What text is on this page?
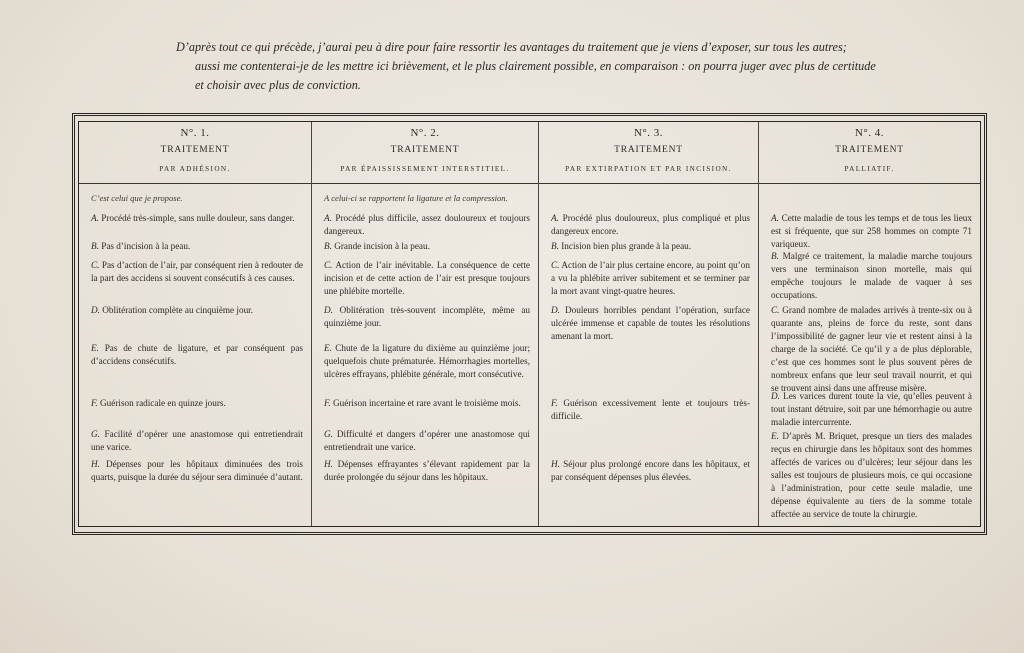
D’après tout ce qui précède, j’aurai peu à dire pour faire ressortir les avantages du traitement que je viens d’exposer, sur tous les autres;

aussi me contenterai-je de les mettre ici brièvement, et le plus clairement possible, en comparaison : on pourra juger avec plus de certitude

et choisir avec plus de conviction.

N°. 1.
TRAITEMENT
PAR ADHÉSION.
C’est celui que je propose.
A. Procédé très-simple, sans nulle douleur, sans danger.
B. Pas d’incision à la peau.
C. Pas d’action de l’air, par conséquent rien à redouter de la part des accidens si souvent consécutifs à ces causes.
D. Oblitération complète au cinquième jour.
E. Pas de chute de ligature, et par conséquent pas d’accidens consécutifs.
F. Guérison radicale en quinze jours.
G. Facilité d’opérer une anastomose qui entretiendrait une varice.
H. Dépenses pour les hôpitaux diminuées des trois quarts, puisque la durée du séjour sera diminuée d’autant.
N°. 2.
TRAITEMENT
PAR ÉPAISSISSEMENT INTERSTITIEL.
A celui-ci se rapportent la ligature et la compression.
A. Procédé plus difficile, assez douloureux et toujours dangereux.
B. Grande incision à la peau.
C. Action de l’air inévitable. La conséquence de cette incision et de cette action de l’air est presque toujours une phlébite mortelle.
D. Oblitération très-souvent incomplète, même au quinzième jour.
E. Chute de la ligature du dixième au quinzième jour; quelquefois chute prématurée. Hémorrhagies mortelles, ulcères effrayans, phlébite générale, mort consécutive.
F. Guérison incertaine et rare avant le troisième mois.
G. Difficulté et dangers d’opérer une anastomose qui entretiendrait une varice.
H. Dépenses effrayantes s’élevant rapidement par la durée prolongée du séjour dans les hôpitaux.
N°. 3.
TRAITEMENT
PAR EXTIRPATION ET PAR INCISION.
A. Procédé plus douloureux, plus compliqué et plus dangereux encore.
B. Incision bien plus grande à la peau.
C. Action de l’air plus certaine encore, au point qu’on a vu la phlébite arriver subitement et se terminer par la mort avant vingt-quatre heures.
D. Douleurs horribles pendant l’opération, surface ulcérée immense et capable de toutes les résolutions amenant la mort.
F. Guérison excessivement lente et toujours très-difficile.
H. Séjour plus prolongé encore dans les hôpitaux, et par conséquent dépenses plus élevées.
N°. 4.
TRAITEMENT
PALLIATIF.
A. Cette maladie de tous les temps et de tous les lieux est si fréquente, que sur 258 hommes on compte 71 variqueux.
B. Malgré ce traitement, la maladie marche toujours vers une terminaison sinon mortelle, mais qui empêche toujours le malade de vaquer à ses occupations.
C. Grand nombre de malades arrivés à trente-six ou à quarante ans, pleins de force du reste, sont dans l’impossibilité de gagner leur vie et restent ainsi à la charge de la société. Ce qu’il y a de plus déplorable, c’est que ces hommes sont le plus souvent pères de nombreux enfans que leur seul travail nourrit, et qui se trouvent ainsi dans une affreuse misère.
D. Les varices durent toute la vie, qu’elles peuvent à tout instant détruire, soit par une hémorrhagie ou autre maladie intercurrente.
E. D’après M. Briquet, presque un tiers des malades reçus en chirurgie dans les hôpitaux sont des hommes affectés de varices ou d’ulcères; leur séjour dans les salles est toujours de plusieurs mois, ce qui occasione à l’administration, pour cette seule maladie, une dépense équivalente au tiers de la somme totale affectée au service de toute la chirurgie.
